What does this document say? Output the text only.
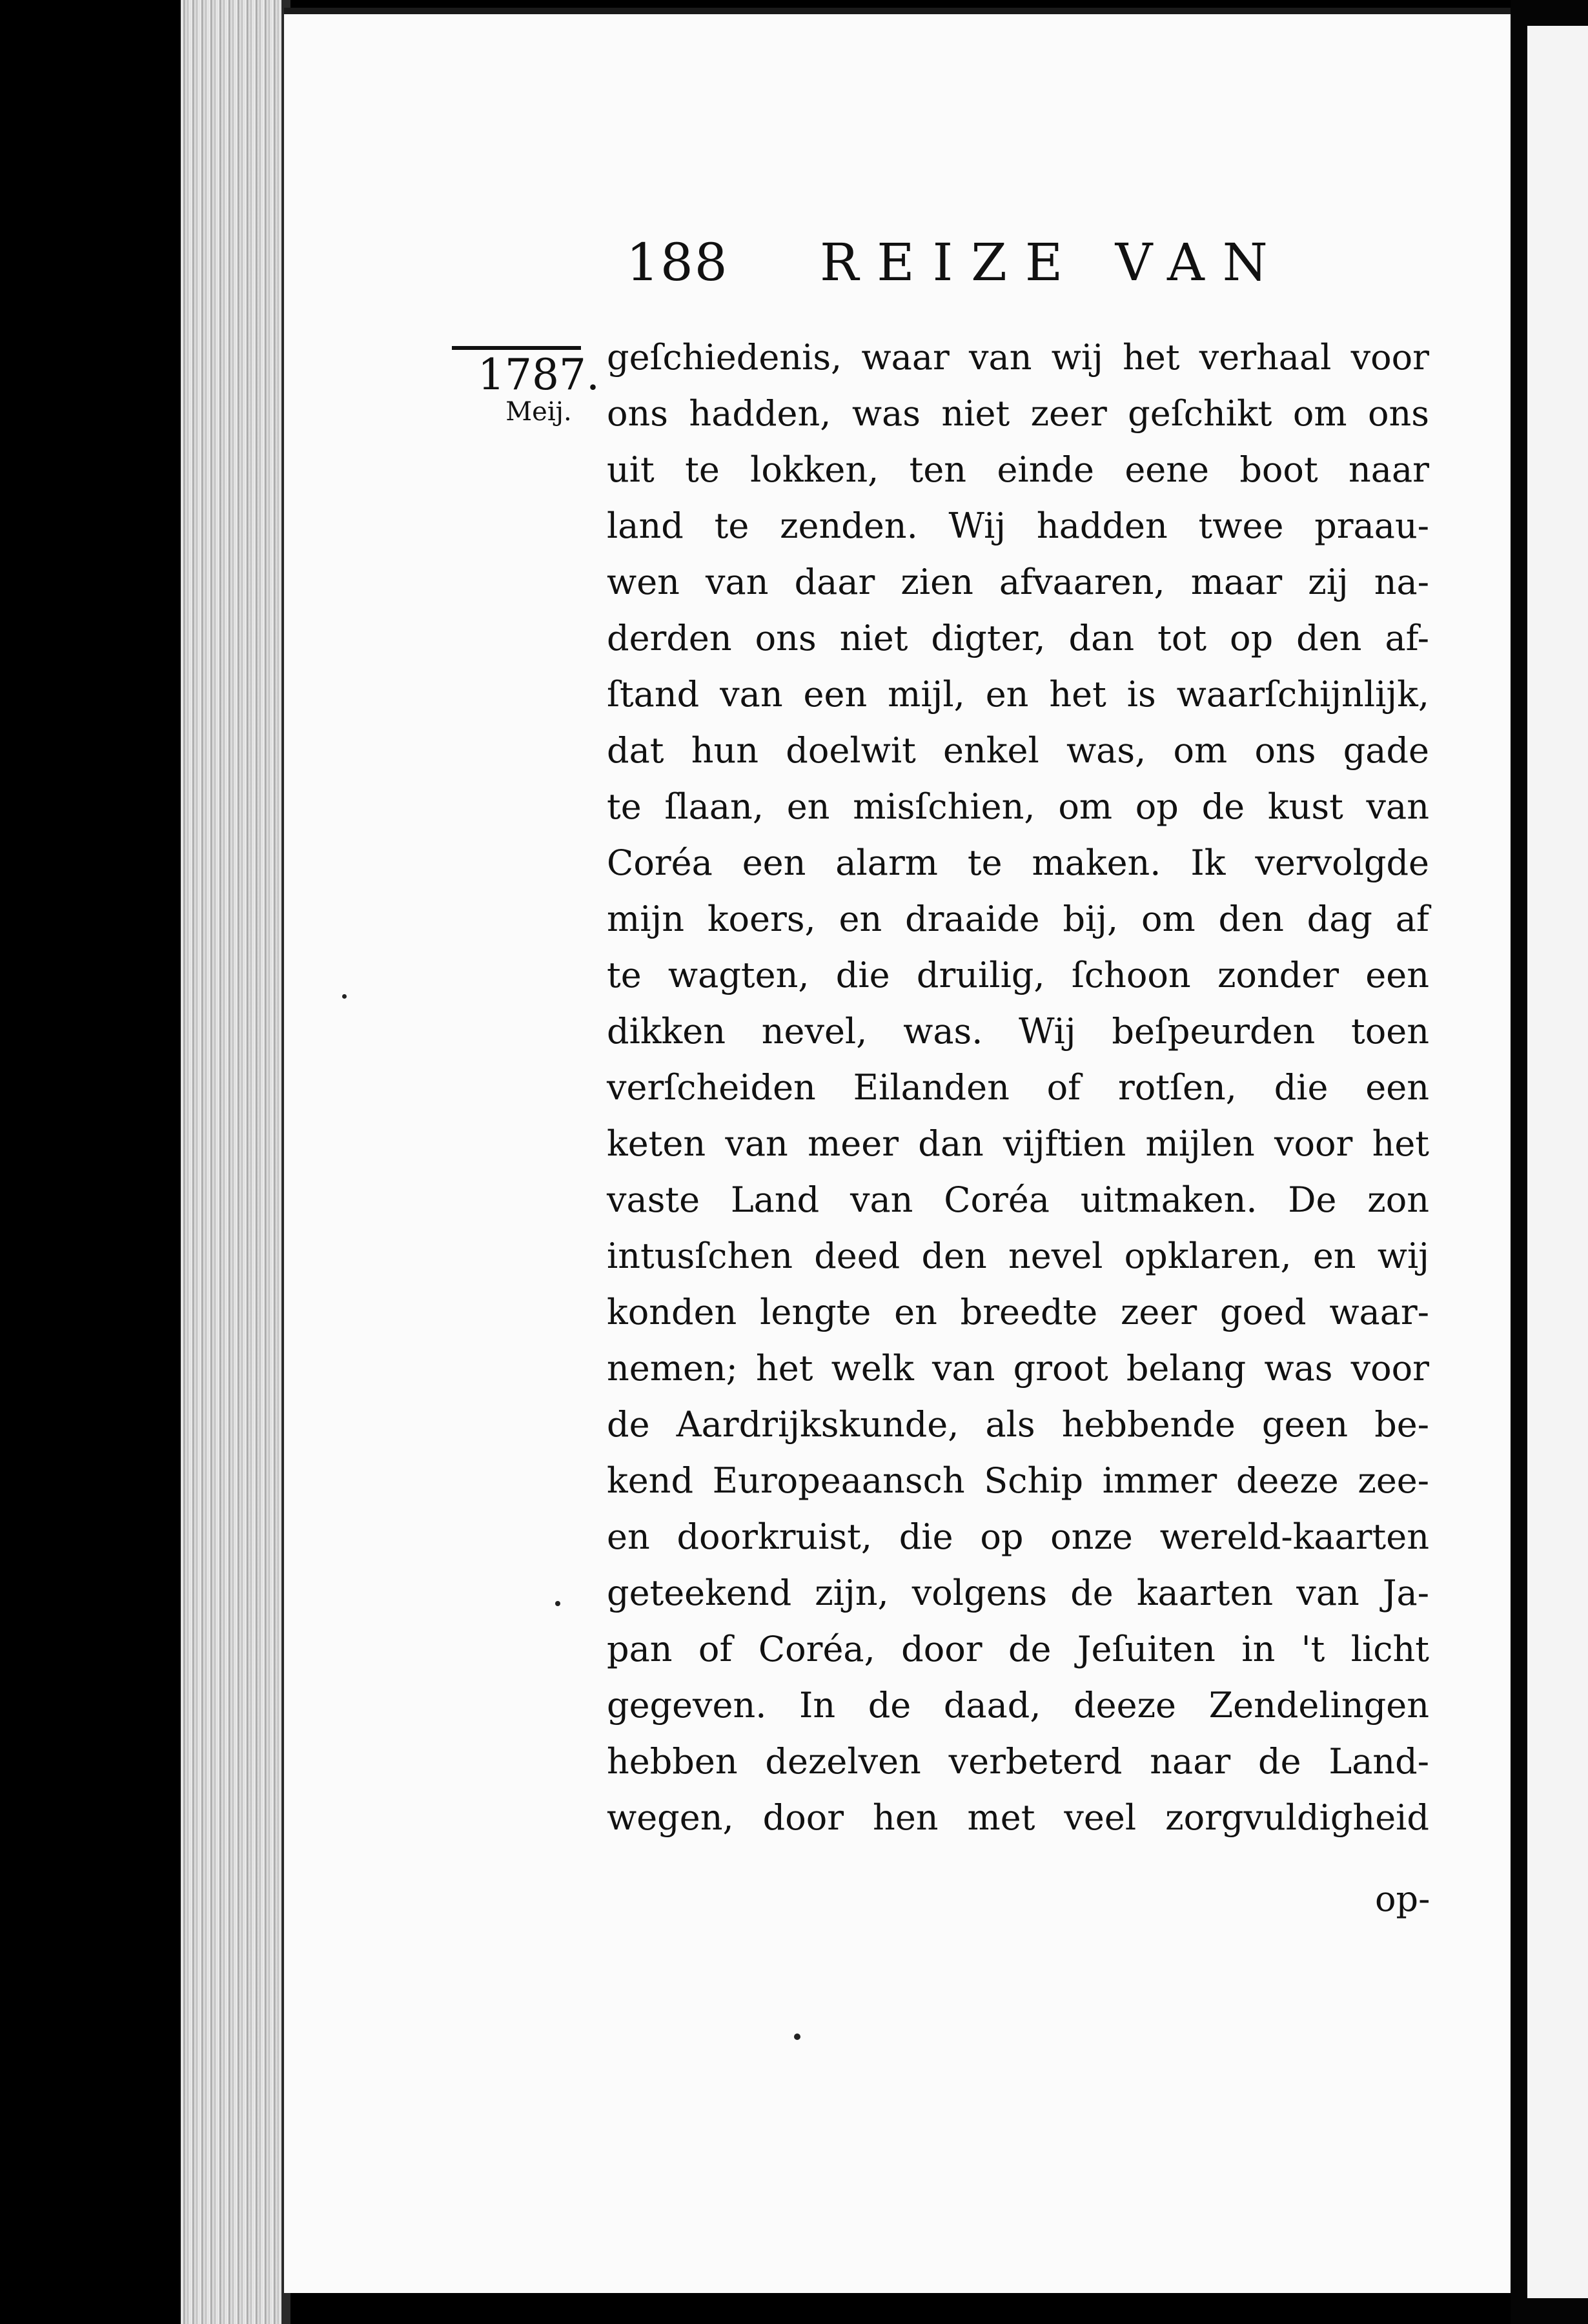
188 REIZE VAN
1787.
Meij.
geſchiedenis, waar van wij het verhaal voor
ons hadden, was niet zeer geſchikt om ons
uit te lokken, ten einde eene boot naar
land te zenden. Wij hadden twee praau-
wen van daar zien afvaaren, maar zij na-
derden ons niet digter, dan tot op den af-
ſtand van een mijl, en het is waarſchijnlijk,
dat hun doelwit enkel was, om ons gade
te ſlaan, en misſchien, om op de kust van
Coréa een alarm te maken. Ik vervolgde
mijn koers, en draaide bij, om den dag af
te wagten, die druilig, ſchoon zonder een
dikken nevel, was. Wij beſpeurden toen
verſcheiden Eilanden of rotſen, die een
keten van meer dan vijftien mijlen voor het
vaste Land van Coréa uitmaken. De zon
intusſchen deed den nevel opklaren, en wij
konden lengte en breedte zeer goed waar-
nemen; het welk van groot belang was voor
de Aardrijkskunde, als hebbende geen be-
kend Europeaansch Schip immer deeze zee-
en doorkruist, die op onze wereld-kaarten
geteekend zijn, volgens de kaarten van Ja-
pan of Coréa, door de Jeſuiten in 't licht
gegeven. In de daad, deeze Zendelingen
hebben dezelven verbeterd naar de Land-
wegen, door hen met veel zorgvuldigheid
op-
